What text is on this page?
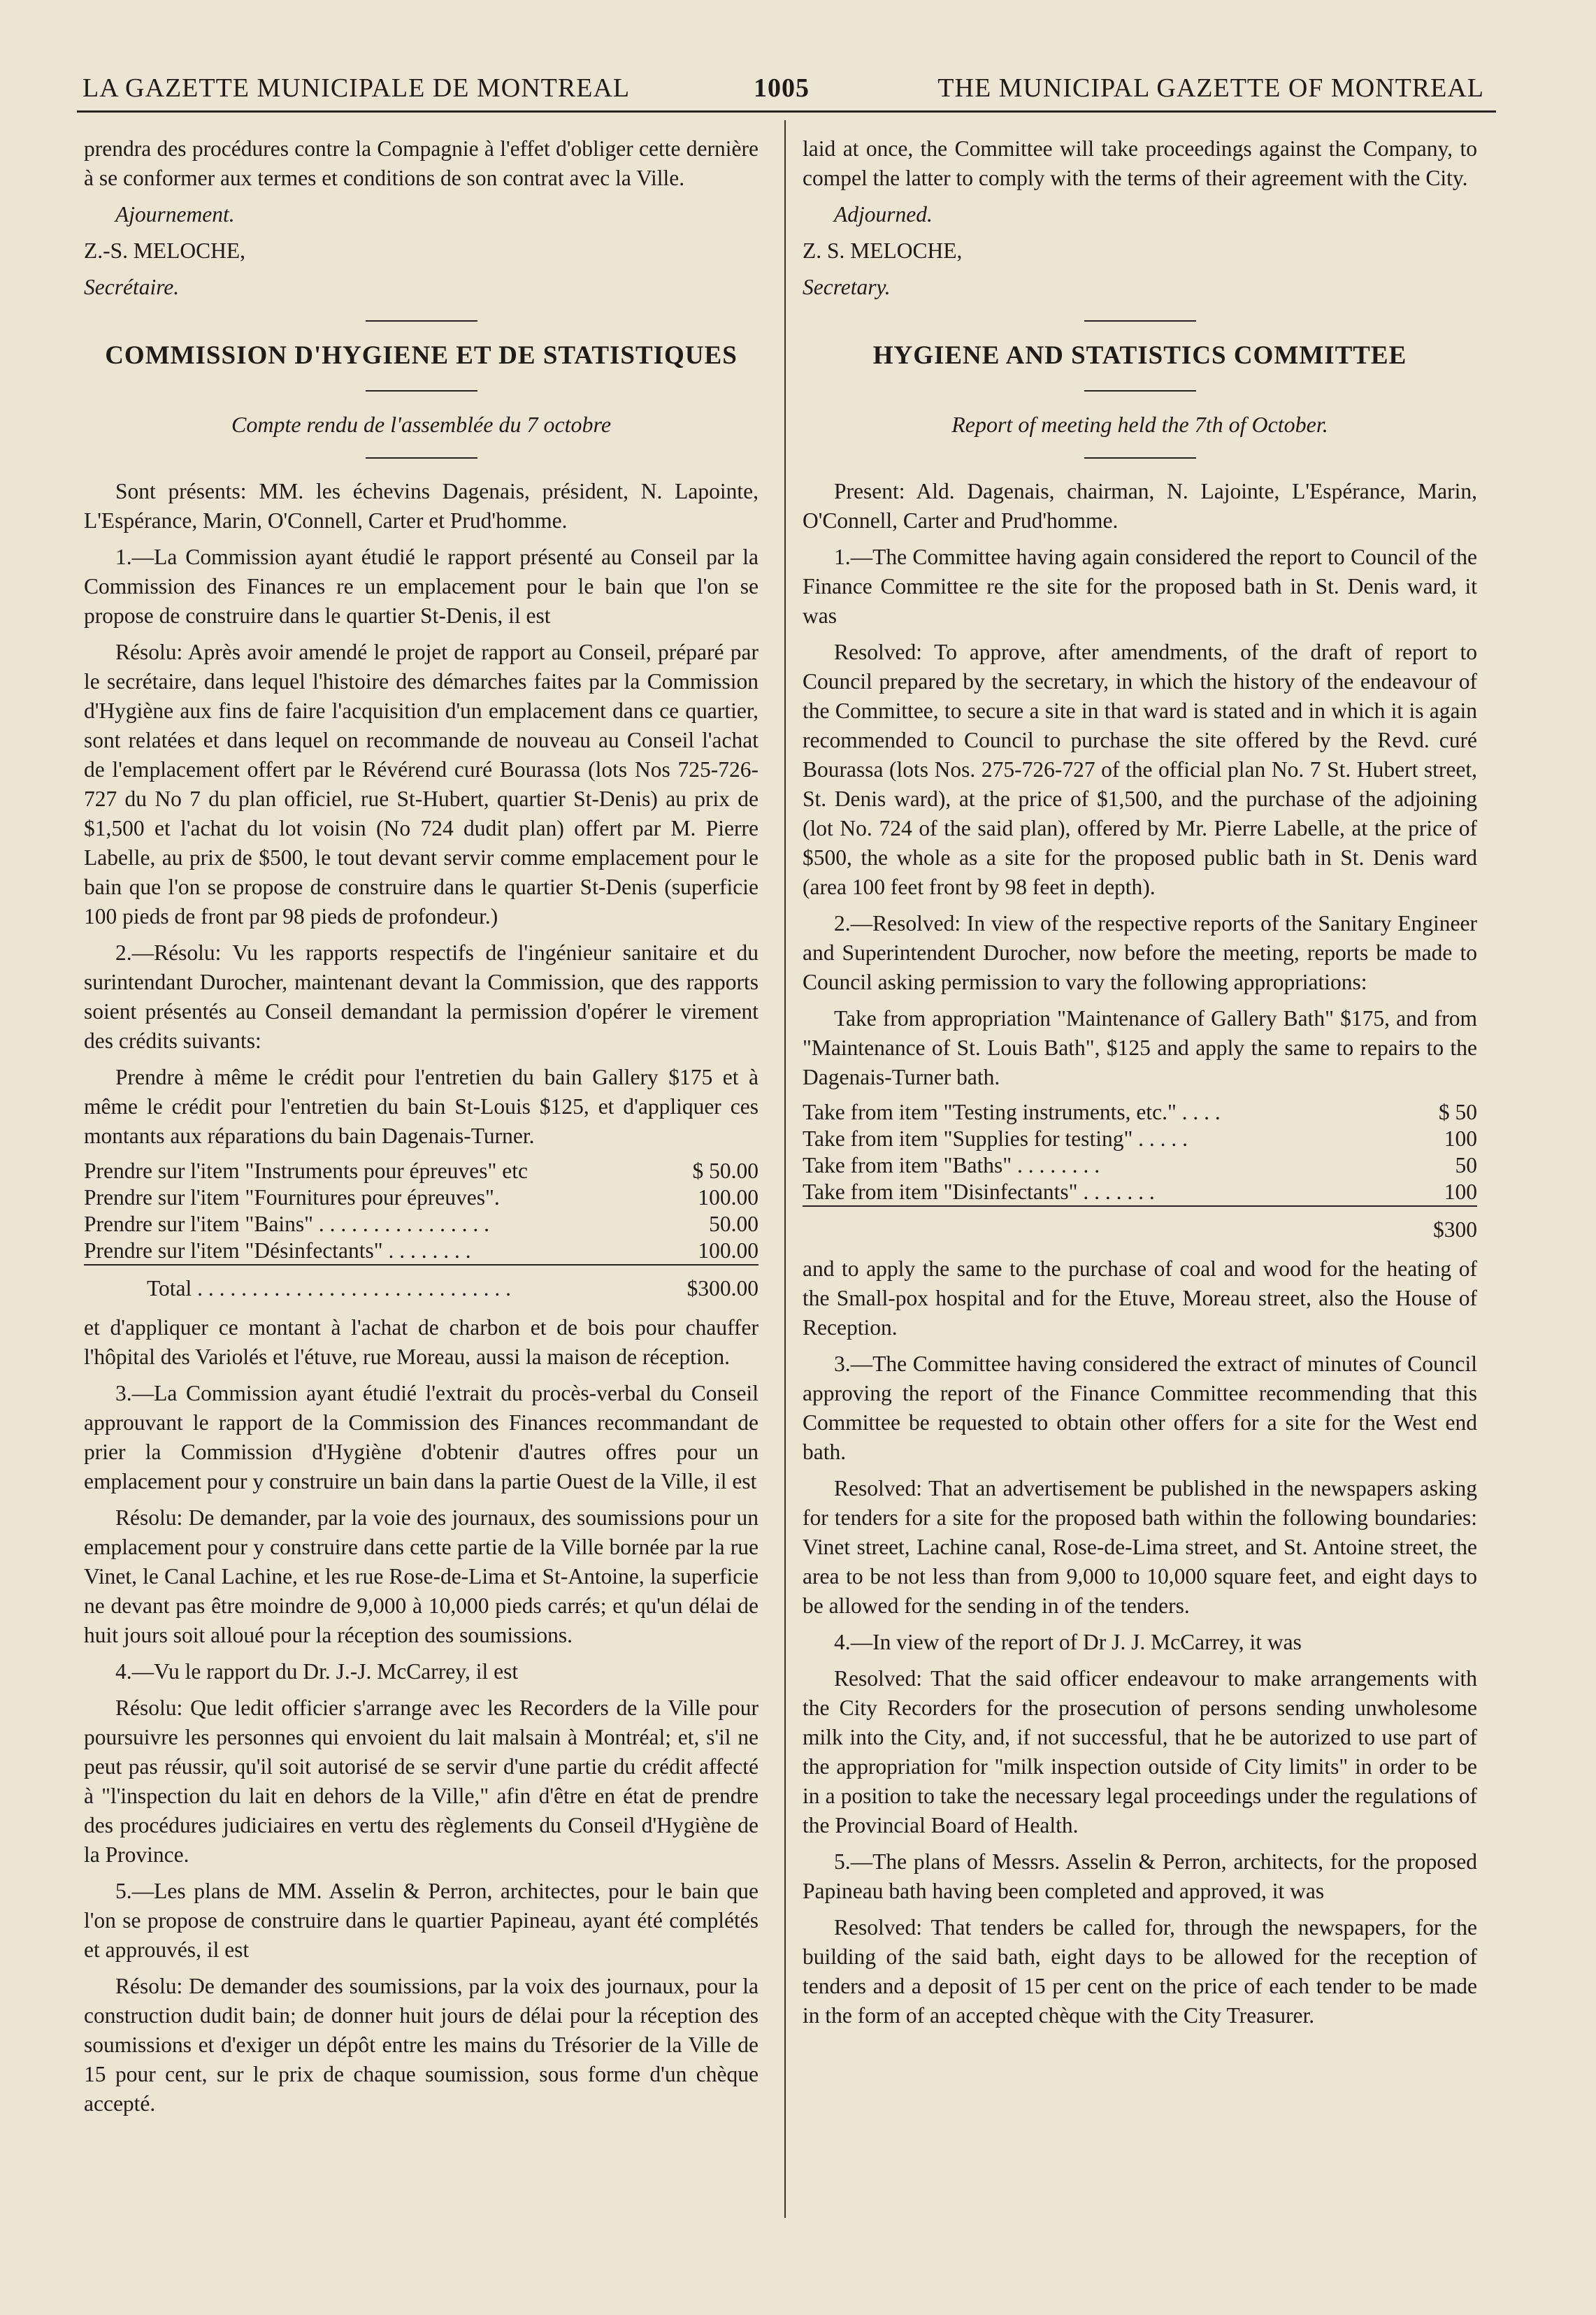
LA GAZETTE MUNICIPALE DE MONTREAL	1005	THE MUNICIPAL GAZETTE OF MONTREAL

prendra des procédures contre la Compagnie à l'effet d'obliger cette dernière à se conformer aux termes et conditions de son contrat avec la Ville.

Ajournement.

Z.-S. MELOCHE,

Secrétaire.

COMMISSION D'HYGIENE ET DE STATISTIQUES
Compte rendu de l'assemblée du 7 octobre

Sont présents: MM. les échevins Dagenais, président, N. Lapointe, L'Espérance, Marin, O'Connell, Carter et Prud'homme.

1.—La Commission ayant étudié le rapport présenté au Conseil par la Commission des Finances re un emplacement pour le bain que l'on se propose de construire dans le quartier St-Denis, il est

Résolu: Après avoir amendé le projet de rapport au Conseil, préparé par le secrétaire, dans lequel l'histoire des démarches faites par la Commission d'Hygiène aux fins de faire l'acquisition d'un emplacement dans ce quartier, sont relatées et dans lequel on recommande de nouveau au Conseil l'achat de l'emplacement offert par le Révérend curé Bourassa (lots Nos 725-726-727 du No 7 du plan officiel, rue St-Hubert, quartier St-Denis) au prix de $1,500 et l'achat du lot voisin (No 724 dudit plan) offert par M. Pierre Labelle, au prix de $500, le tout devant servir comme emplacement pour le bain que l'on se propose de construire dans le quartier St-Denis (superficie 100 pieds de front par 98 pieds de profondeur.)

2.—Résolu: Vu les rapports respectifs de l'ingénieur sanitaire et du surintendant Durocher, maintenant devant la Commission, que des rapports soient présentés au Conseil demandant la permission d'opérer le virement des crédits suivants:

Prendre à même le crédit pour l'entretien du bain Gallery $175 et à même le crédit pour l'entretien du bain St-Louis $125, et d'appliquer ces montants aux réparations du bain Dagenais-Turner.

Prendre sur l'item "Instruments pour épreuves" etc	$ 50.00
Prendre sur l'item "Fournitures pour épreuves".	100.00
Prendre sur l'item "Bains" . . . . . . . . . . . . . . . .	50.00
Prendre sur l'item "Désinfectants" . . . . . . . .	100.00
Total . . . . . . . . . . . . . . . . . . . . . . . . . . . . .	$300.00

et d'appliquer ce montant à l'achat de charbon et de bois pour chauffer l'hôpital des Variolés et l'étuve, rue Moreau, aussi la maison de réception.

3.—La Commission ayant étudié l'extrait du procès-verbal du Conseil approuvant le rapport de la Commission des Finances recommandant de prier la Commission d'Hygiène d'obtenir d'autres offres pour un emplacement pour y construire un bain dans la partie Ouest de la Ville, il est

Résolu: De demander, par la voie des journaux, des soumissions pour un emplacement pour y construire dans cette partie de la Ville bornée par la rue Vinet, le Canal Lachine, et les rue Rose-de-Lima et St-Antoine, la superficie ne devant pas être moindre de 9,000 à 10,000 pieds carrés; et qu'un délai de huit jours soit alloué pour la réception des soumissions.

4.—Vu le rapport du Dr. J.-J. McCarrey, il est

Résolu: Que ledit officier s'arrange avec les Recorders de la Ville pour poursuivre les personnes qui envoient du lait malsain à Montréal; et, s'il ne peut pas réussir, qu'il soit autorisé de se servir d'une partie du crédit affecté à "l'inspection du lait en dehors de la Ville," afin d'être en état de prendre des procédures judiciaires en vertu des règlements du Conseil d'Hygiène de la Province.

5.—Les plans de MM. Asselin & Perron, architectes, pour le bain que l'on se propose de construire dans le quartier Papineau, ayant été complétés et approuvés, il est

Résolu: De demander des soumissions, par la voix des journaux, pour la construction dudit bain; de donner huit jours de délai pour la réception des soumissions et d'exiger un dépôt entre les mains du Trésorier de la Ville de 15 pour cent, sur le prix de chaque soumission, sous forme d'un chèque accepté.

laid at once, the Committee will take proceedings against the Company, to compel the latter to comply with the terms of their agreement with the City.

Adjourned.

Z. S. MELOCHE,

Secretary.

HYGIENE AND STATISTICS COMMITTEE
Report of meeting held the 7th of October.

Present: Ald. Dagenais, chairman, N. Lajointe, L'Espérance, Marin, O'Connell, Carter and Prud'homme.

1.—The Committee having again considered the report to Council of the Finance Committee re the site for the proposed bath in St. Denis ward, it was

Resolved: To approve, after amendments, of the draft of report to Council prepared by the secretary, in which the history of the endeavour of the Committee, to secure a site in that ward is stated and in which it is again recommended to Council to purchase the site offered by the Revd. curé Bourassa (lots Nos. 275-726-727 of the official plan No. 7 St. Hubert street, St. Denis ward), at the price of $1,500, and the purchase of the adjoining (lot No. 724 of the said plan), offered by Mr. Pierre Labelle, at the price of $500, the whole as a site for the proposed public bath in St. Denis ward (area 100 feet front by 98 feet in depth).

2.—Resolved: In view of the respective reports of the Sanitary Engineer and Superintendent Durocher, now before the meeting, reports be made to Council asking permission to vary the following appropriations:

Take from appropriation "Maintenance of Gallery Bath" $175, and from "Maintenance of St. Louis Bath", $125 and apply the same to repairs to the Dagenais-Turner bath.

Take from item "Testing instruments, etc." . . . .	$ 50
Take from item "Supplies for testing" . . . . .	100
Take from item "Baths" . . . . . . . .	50
Take from item "Disinfectants" . . . . . . .	100
	$300

and to apply the same to the purchase of coal and wood for the heating of the Small-pox hospital and for the Etuve, Moreau street, also the House of Reception.

3.—The Committee having considered the extract of minutes of Council approving the report of the Finance Committee recommending that this Committee be requested to obtain other offers for a site for the West end bath.

Resolved: That an advertisement be published in the newspapers asking for tenders for a site for the proposed bath within the following boundaries: Vinet street, Lachine canal, Rose-de-Lima street, and St. Antoine street, the area to be not less than from 9,000 to 10,000 square feet, and eight days to be allowed for the sending in of the tenders.

4.—In view of the report of Dr J. J. McCarrey, it was

Resolved: That the said officer endeavour to make arrangements with the City Recorders for the prosecution of persons sending unwholesome milk into the City, and, if not successful, that he be autorized to use part of the appropriation for "milk inspection outside of City limits" in order to be in a position to take the necessary legal proceedings under the regulations of the Provincial Board of Health.

5.—The plans of Messrs. Asselin & Perron, architects, for the proposed Papineau bath having been completed and approved, it was

Resolved: That tenders be called for, through the newspapers, for the building of the said bath, eight days to be allowed for the reception of tenders and a deposit of 15 per cent on the price of each tender to be made in the form of an accepted chèque with the City Treasurer.
